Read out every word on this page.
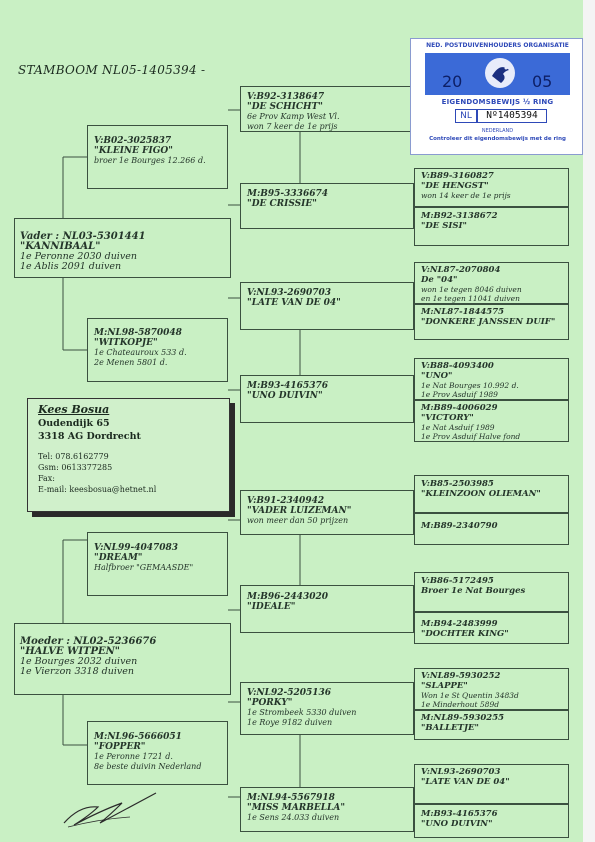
STAMBOOM NL05-1405394 -
Vader : NL03-5301441
"KANNIBAAL"
1e Peronne 2030 duiven
1e Ablis 2091 duiven
Moeder : NL02-5236676
"HALVE WITPEN"
1e Bourges 2032 duiven
1e Vierzon 3318 duiven
V:B02-3025837
"KLEINE FIGO"
broer 1e Bourges 12.266 d.
M:NL98-5870048
"WITKOPJE"
1e Chateauroux 533 d.
2e Menen 5801 d.
V:NL99-4047083
"DREAM"
Halfbroer "GEMAASDE"
M:NL96-5666051
"FOPPER"
1e Peronne 1721 d.
8e beste duivin Nederland
V:B92-3138647
"DE SCHICHT"
6e Prov Kamp West Vl.
won 7 keer de 1e prijs
M:B95-3336674
"DE CRISSIE"
V:NL93-2690703
"LATE VAN DE 04"
M:B93-4165376
"UNO DUIVIN"
V:B91-2340942
"VADER LUIZEMAN"
won meer dan 50 prijzen
M:B96-2443020
"IDEALE"
V:NL92-5205136
"PORKY"
1e Strombeek 5330 duiven
1e Roye 9182 duiven
M:NL94-5567918
"MISS MARBELLA"
1e Sens 24.033 duiven
V:B89-3160827
"DE HENGST"
won 14 keer de 1e prijs
M:B92-3138672
"DE SISI"
V:NL87-2070804
De "04"
won 1e tegen 8046 duiven
en 1e tegen 11041 duiven
M:NL87-1844575
"DONKERE JANSSEN DUIF"
V:B88-4093400
"UNO"
1e Nat Bourges 10.992 d.
1e Prov Asduif 1989
M:B89-4006029
"VICTORY"
1e Nat Asduif 1989
1e Prov Asduif Halve fond
V:B85-2503985
"KLEINZOON OLIEMAN"
M:B89-2340790
V:B86-5172495
Broer 1e Nat Bourges
M:B94-2483999
"DOCHTER KING"
V:NL89-5930252
"SLAPPE"
Won 1e St Quentin 3483d
1e Minderhout 589d
M:NL89-5930255
"BALLETJE"
V:NL93-2690703
"LATE VAN DE 04"
M:B93-4165376
"UNO DUIVIN"
Kees Bosua
Oudendijk 65
3318 AG Dordrecht
Tel: 078.6162779
Gsm: 0613377285
Fax:
E-mail: keesbosua@hetnet.nl
NED. POSTDUIVENHOUDERS ORGANISATIE
20	05
EIGENDOMSBEWIJS ½ RING
NL	Nº1405394
NEDERLAND
Controleer dit eigendomsbewijs met de ring
